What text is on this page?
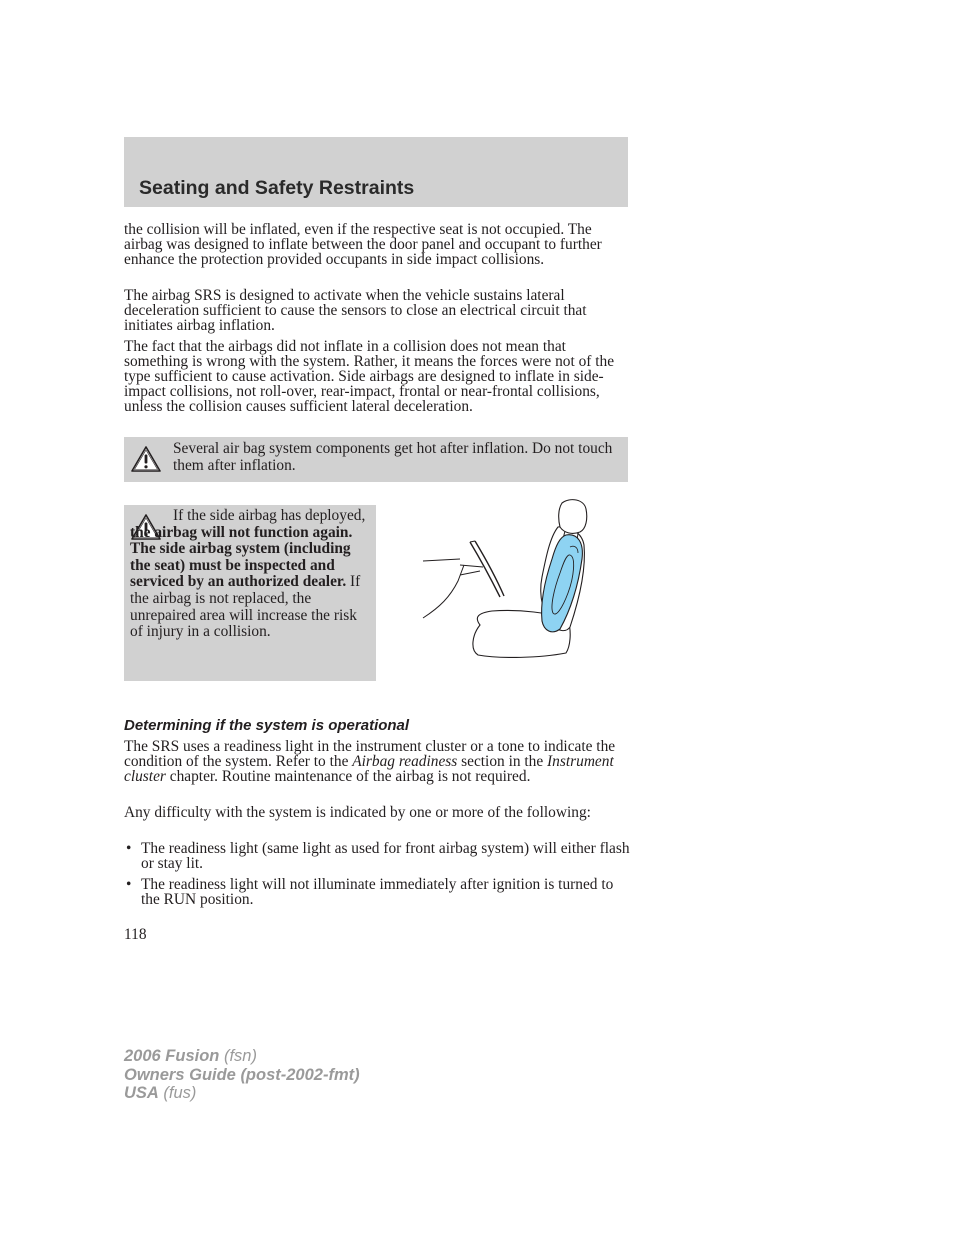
Seating and Safety Restraints

the collision will be inflated, even if the respective seat is not occupied. The airbag was designed to inflate between the door panel and occupant to further enhance the protection provided occupants in side impact collisions.

The airbag SRS is designed to activate when the vehicle sustains lateral deceleration sufficient to cause the sensors to close an electrical circuit that initiates airbag inflation.

The fact that the airbags did not inflate in a collision does not mean that something is wrong with the system. Rather, it means the forces were not of the type sufficient to cause activation. Side airbags are designed to inflate in side-impact collisions, not roll-over, rear-impact, frontal or near-frontal collisions, unless the collision causes sufficient lateral deceleration.

Several air bag system components get hot after inflation. Do not touch them after inflation.

If the side airbag has deployed, the airbag will not function again. The side airbag system (including the seat) must be inspected and serviced by an authorized dealer. If the airbag is not replaced, the unrepaired area will increase the risk of injury in a collision.

Determining if the system is operational

The SRS uses a readiness light in the instrument cluster or a tone to indicate the condition of the system. Refer to the Airbag readiness section in the Instrument cluster chapter. Routine maintenance of the airbag is not required.

Any difficulty with the system is indicated by one or more of the following:

• The readiness light (same light as used for front airbag system) will either flash or stay lit.
• The readiness light will not illuminate immediately after ignition is turned to the RUN position.

118

2006 Fusion (fsn)
Owners Guide (post-2002-fmt)
USA (fus)
